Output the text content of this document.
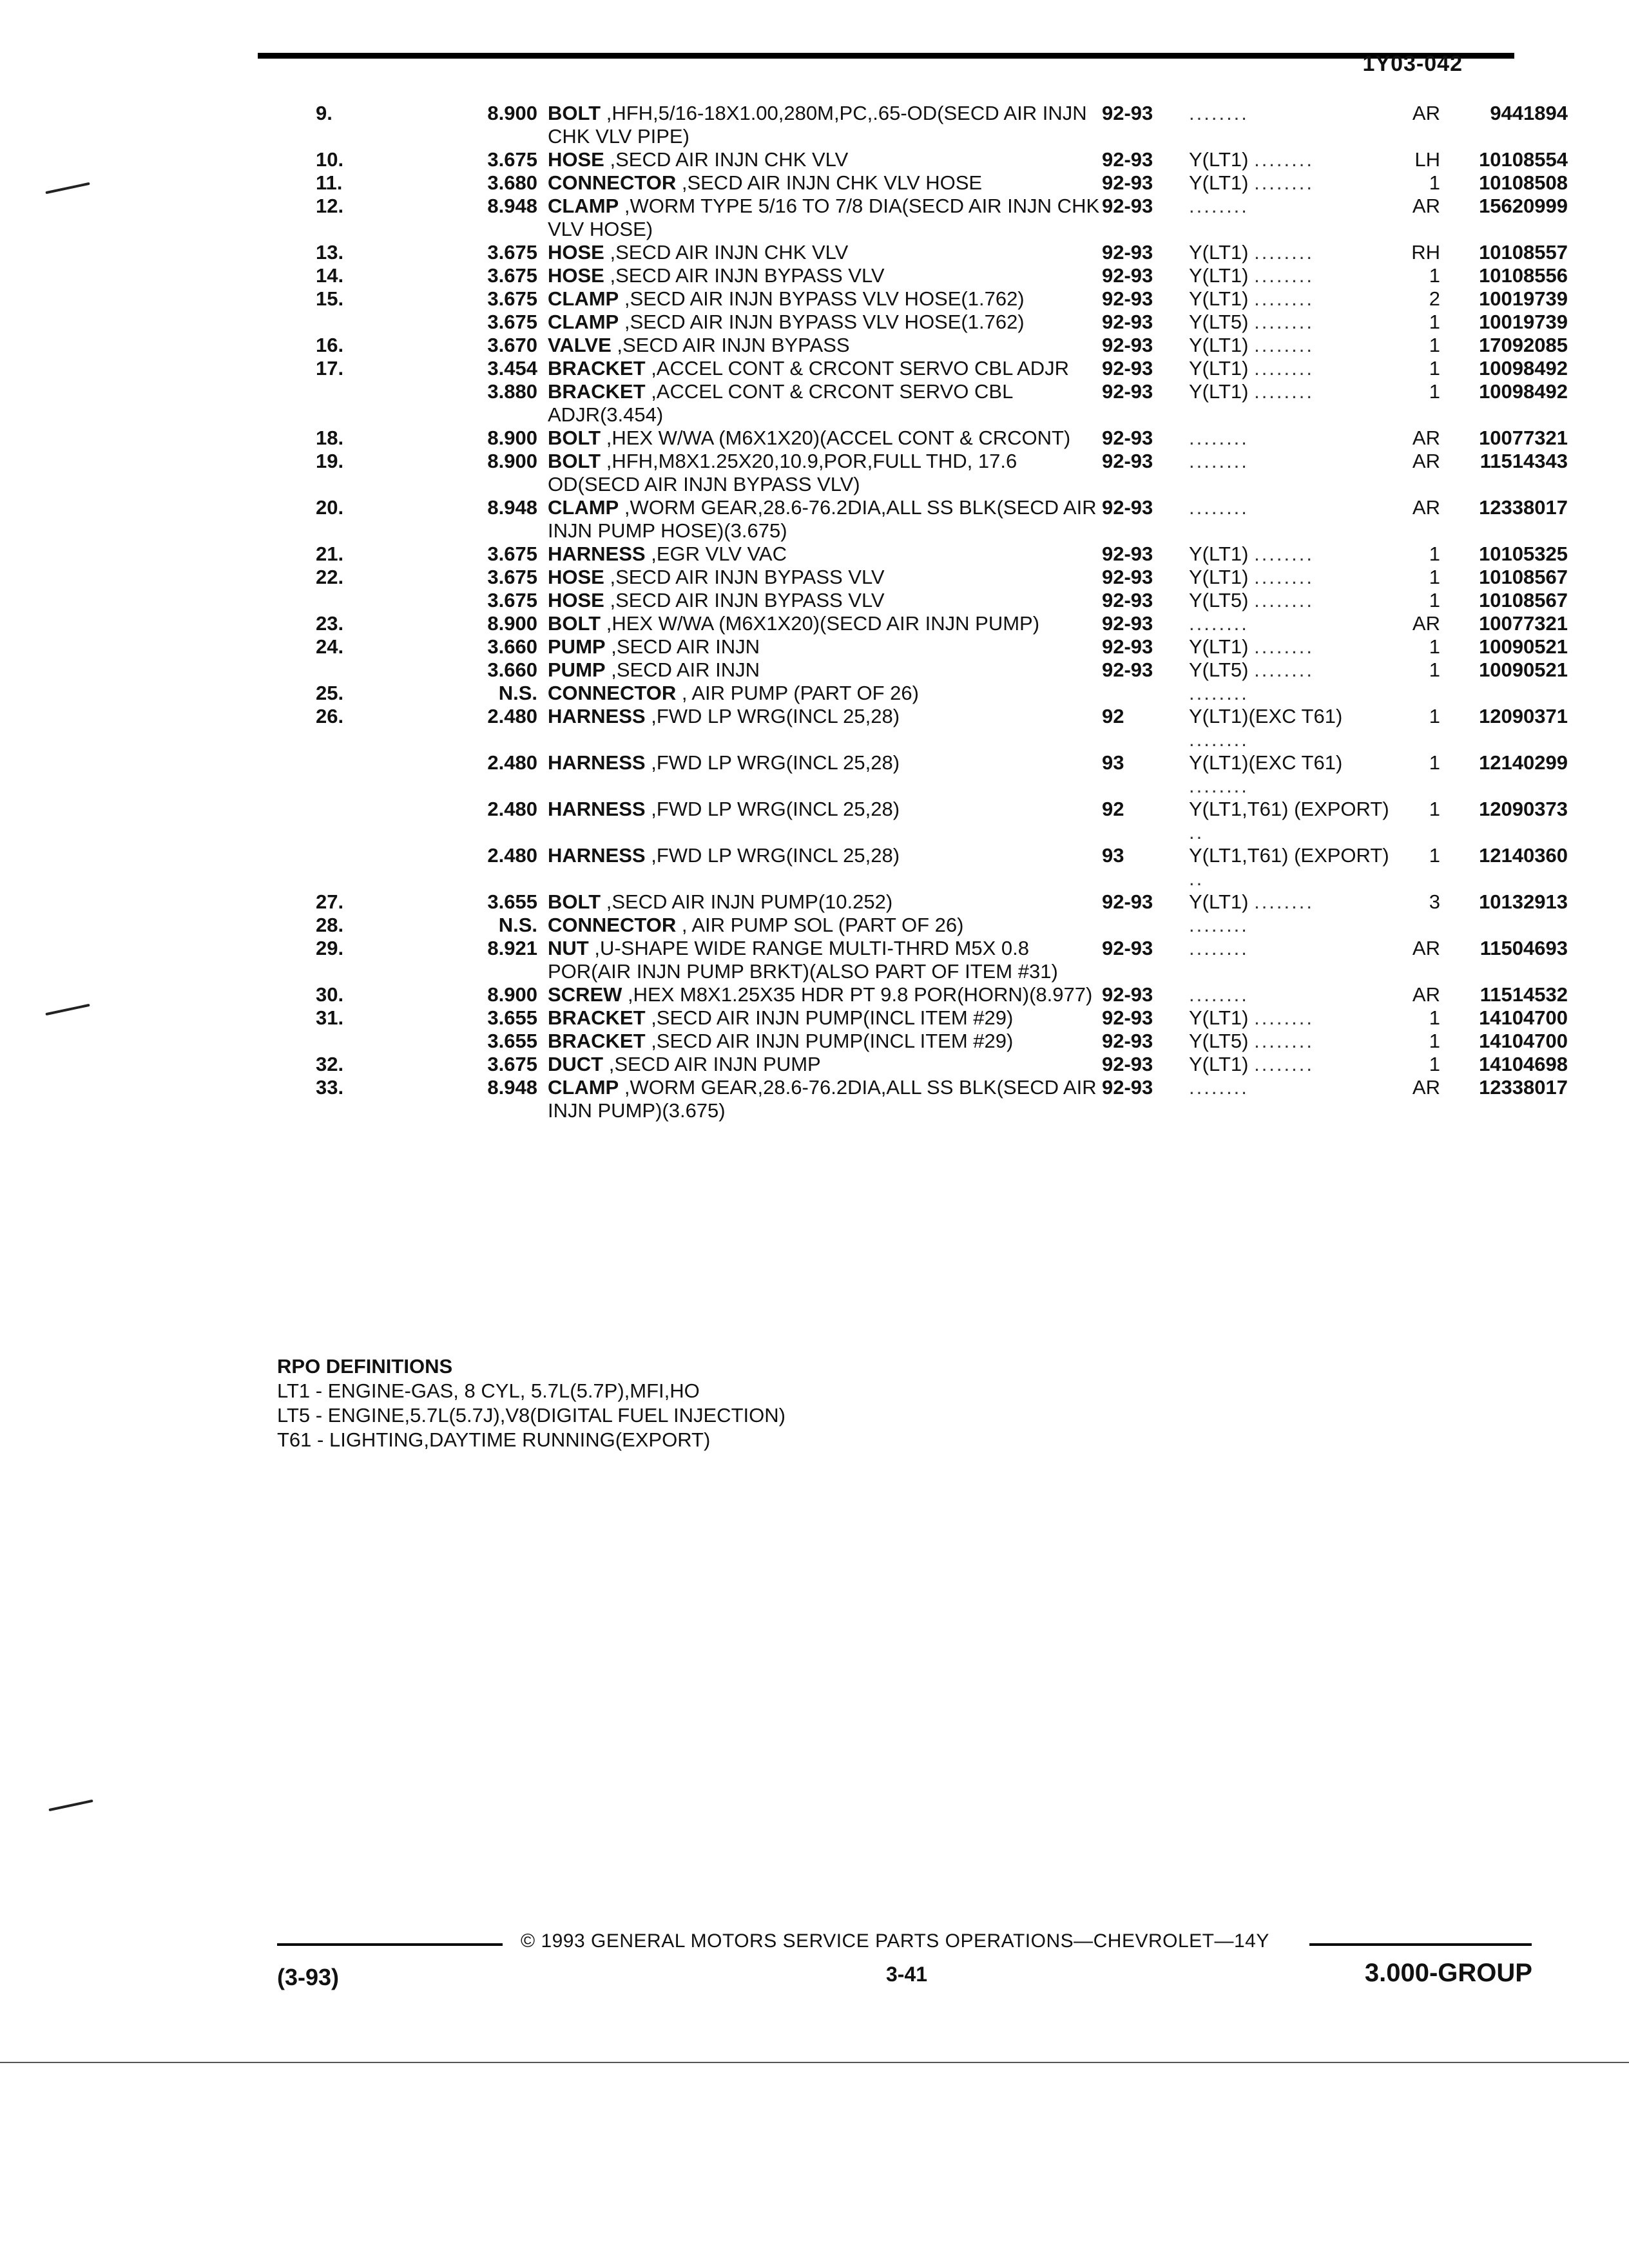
1Y03-042
9.	8.900	BOLT ,HFH,5/16-18X1.00,280M,PC,.65-OD(SECD AIR INJN CHK VLV PIPE)	92-93	........	AR	9441894
10.	3.675	HOSE ,SECD AIR INJN CHK VLV	92-93	Y(LT1) ........	LH	10108554
11.	3.680	CONNECTOR ,SECD AIR INJN CHK VLV HOSE	92-93	Y(LT1) ........	1	10108508
12.	8.948	CLAMP ,WORM TYPE 5/16 TO 7/8 DIA(SECD AIR INJN CHK VLV HOSE)	92-93	........	AR	15620999
13.	3.675	HOSE ,SECD AIR INJN CHK VLV	92-93	Y(LT1) ........	RH	10108557
14.	3.675	HOSE ,SECD AIR INJN BYPASS VLV	92-93	Y(LT1) ........	1	10108556
15.	3.675	CLAMP ,SECD AIR INJN BYPASS VLV HOSE(1.762)	92-93	Y(LT1) ........	2	10019739
	3.675	CLAMP ,SECD AIR INJN BYPASS VLV HOSE(1.762)	92-93	Y(LT5) ........	1	10019739
16.	3.670	VALVE ,SECD AIR INJN BYPASS	92-93	Y(LT1) ........	1	17092085
17.	3.454	BRACKET ,ACCEL CONT & CRCONT SERVO CBL ADJR	92-93	Y(LT1) ........	1	10098492
	3.880	BRACKET ,ACCEL CONT & CRCONT SERVO CBL ADJR(3.454)	92-93	Y(LT1) ........	1	10098492
18.	8.900	BOLT ,HEX W/WA (M6X1X20)(ACCEL CONT & CRCONT)	92-93	........	AR	10077321
19.	8.900	BOLT ,HFH,M8X1.25X20,10.9,POR,FULL THD, 17.6 OD(SECD AIR INJN BYPASS VLV)	92-93	........	AR	11514343
20.	8.948	CLAMP ,WORM GEAR,28.6-76.2DIA,ALL SS BLK(SECD AIR INJN PUMP HOSE)(3.675)	92-93	........	AR	12338017
21.	3.675	HARNESS ,EGR VLV VAC	92-93	Y(LT1) ........	1	10105325
22.	3.675	HOSE ,SECD AIR INJN BYPASS VLV	92-93	Y(LT1) ........	1	10108567
	3.675	HOSE ,SECD AIR INJN BYPASS VLV	92-93	Y(LT5) ........	1	10108567
23.	8.900	BOLT ,HEX W/WA (M6X1X20)(SECD AIR INJN PUMP)	92-93	........	AR	10077321
24.	3.660	PUMP ,SECD AIR INJN	92-93	Y(LT1) ........	1	10090521
	3.660	PUMP ,SECD AIR INJN	92-93	Y(LT5) ........	1	10090521
25.	N.S.	CONNECTOR , AIR PUMP (PART OF 26)		........		
26.	2.480	HARNESS ,FWD LP WRG(INCL 25,28)	92	Y(LT1)(EXC T61) ........	1	12090371
	2.480	HARNESS ,FWD LP WRG(INCL 25,28)	93	Y(LT1)(EXC T61) ........	1	12140299
	2.480	HARNESS ,FWD LP WRG(INCL 25,28)	92	Y(LT1,T61) (EXPORT) ..	1	12090373
	2.480	HARNESS ,FWD LP WRG(INCL 25,28)	93	Y(LT1,T61) (EXPORT) ..	1	12140360
27.	3.655	BOLT ,SECD AIR INJN PUMP(10.252)	92-93	Y(LT1) ........	3	10132913
28.	N.S.	CONNECTOR , AIR PUMP SOL (PART OF 26)		........		
29.	8.921	NUT ,U-SHAPE WIDE RANGE MULTI-THRD M5X 0.8 POR(AIR INJN PUMP BRKT)(ALSO PART OF ITEM #31)	92-93	........	AR	11504693
30.	8.900	SCREW ,HEX M8X1.25X35 HDR PT 9.8 POR(HORN)(8.977)	92-93	........	AR	11514532
31.	3.655	BRACKET ,SECD AIR INJN PUMP(INCL ITEM #29)	92-93	Y(LT1) ........	1	14104700
	3.655	BRACKET ,SECD AIR INJN PUMP(INCL ITEM #29)	92-93	Y(LT5) ........	1	14104700
32.	3.675	DUCT ,SECD AIR INJN PUMP	92-93	Y(LT1) ........	1	14104698
33.	8.948	CLAMP ,WORM GEAR,28.6-76.2DIA,ALL SS BLK(SECD AIR INJN PUMP)(3.675)	92-93	........	AR	12338017
RPO DEFINITIONS
LT1 - ENGINE-GAS, 8 CYL, 5.7L(5.7P),MFI,HO
LT5 - ENGINE,5.7L(5.7J),V8(DIGITAL FUEL INJECTION)
T61 - LIGHTING,DAYTIME RUNNING(EXPORT)
© 1993 GENERAL MOTORS SERVICE PARTS OPERATIONS—CHEVROLET—14Y
(3-93)	3-41	3.000-GROUP
